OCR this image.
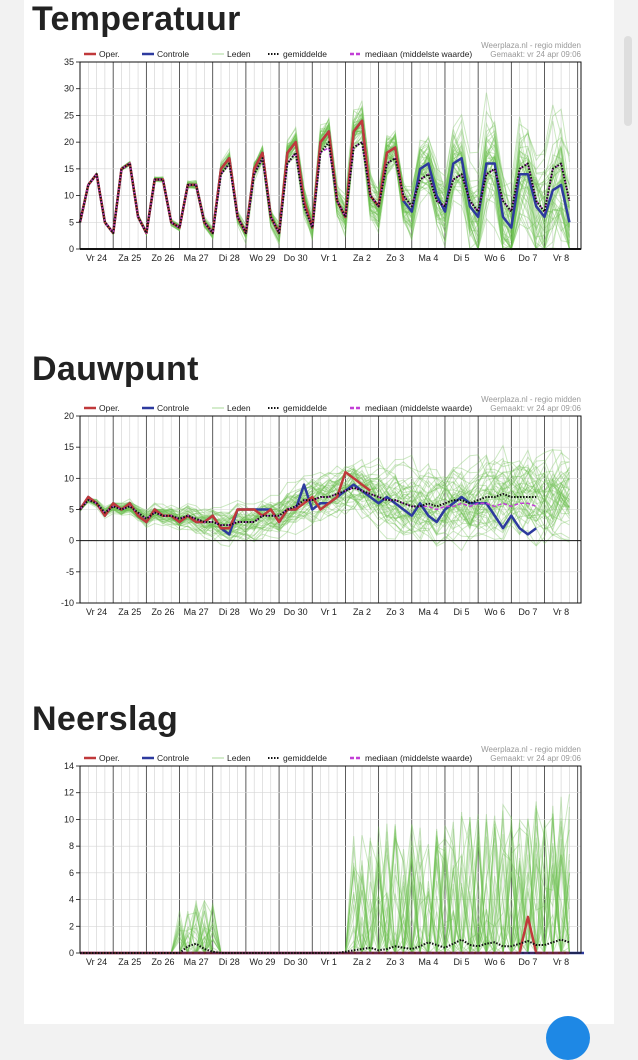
Temperatuur
Weerplaza.nl - regio midden
Gemaakt: vr 24 apr 09:06
Oper.	Controle	Leden	gemiddelde	mediaan (middelste waarde)
0
5
10
15
20
25
30
35
Vr 24 Za 25 Zo 26 Ma 27 Di 28 Wo 29 Do 30 Vr 1 Za 2 Zo 3 Ma 4 Di 5 Wo 6 Do 7 Vr 8
Dauwpunt
Weerplaza.nl - regio midden
Gemaakt: vr 24 apr 09:06
Oper.	Controle	Leden	gemiddelde	mediaan (middelste waarde)
-10
-5
0
5
10
15
20
Vr 24 Za 25 Zo 26 Ma 27 Di 28 Wo 29 Do 30 Vr 1 Za 2 Zo 3 Ma 4 Di 5 Wo 6 Do 7 Vr 8
Neerslag
Weerplaza.nl - regio midden
Gemaakt: vr 24 apr 09:06
Oper.	Controle	Leden	gemiddelde	mediaan (middelste waarde)
0
2
4
6
8
10
12
14
Vr 24 Za 25 Zo 26 Ma 27 Di 28 Wo 29 Do 30 Vr 1 Za 2 Zo 3 Ma 4 Di 5 Wo 6 Do 7 Vr 8
